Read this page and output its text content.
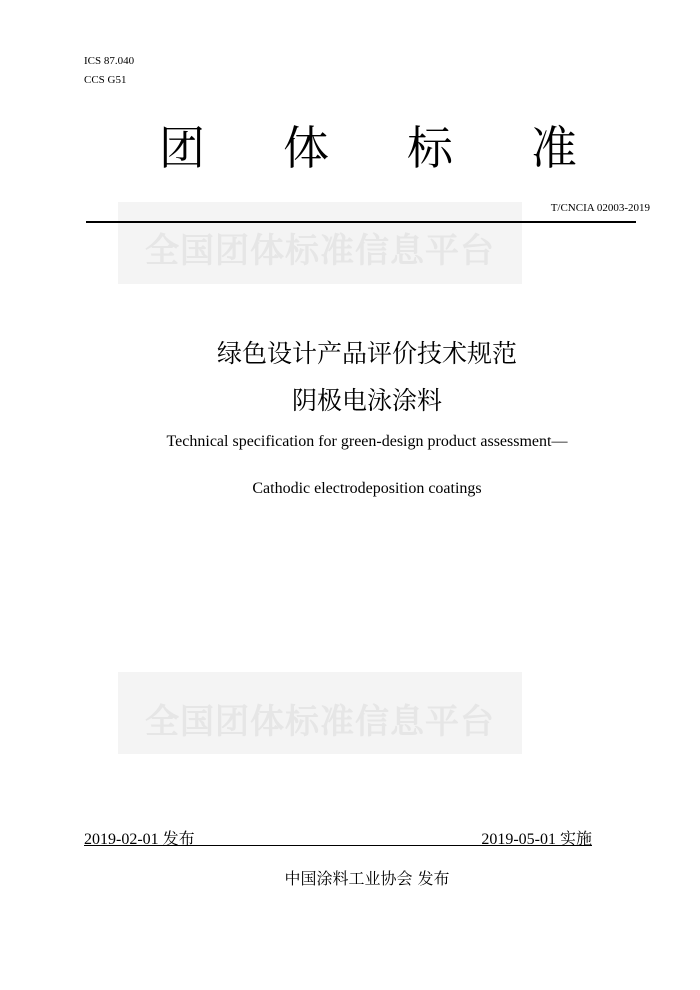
ICS 87.040
CCS G51
团	体	标	准
T/CNCIA 02003-2019
全国团体标准信息平台
绿色设计产品评价技术规范
阴极电泳涂料
Technical specification for green-design product assessment—
Cathodic electrodeposition coatings
全国团体标准信息平台
2019-02-01 发布	2019-05-01 实施
中国涂料工业协会 发布
